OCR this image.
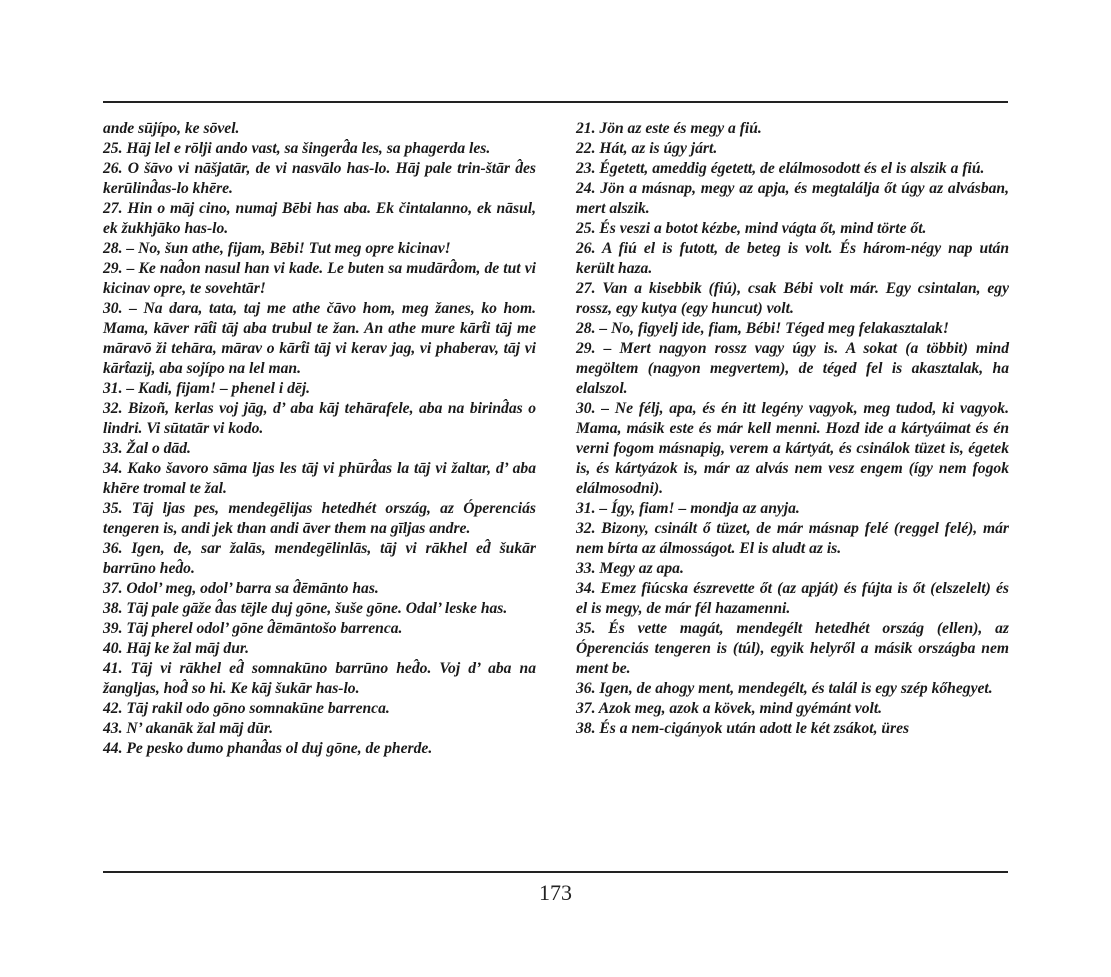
ande sūjípo, ke sōvel.

25. Hāj lel e rōlji ando vast, sa šingerd̂a les, sa phagerda les.

26. O šāvo vi nāšjatār, de vi nasvālo has-lo. Hāj pale trin-štār d̂es kerūlind̂as-lo khēre.

27. Hin o māj cino, numaj Bēbi has aba. Ek čintalanno, ek nāsul, ek žukhjāko has-lo.

28. – No, šun athe, fijam, Bēbi! Tut meg opre kicinav!

29. – Ke nad̂on nasul han vi kade. Le buten sa mudārd̂om, de tut vi kicinav opre, te sovehtār!

30. – Na dara, tata, taj me athe čāvo hom, meg žanes, ko hom. Mama, kāver rāt̂i tāj aba trubul te žan. An athe mure kārt̂i tāj me māravō ži tehāra, mārav o kārt̂i tāj vi kerav jag, vi phaberav, tāj vi kārt̂azij, aba sojípo na lel man.

31. – Kadi, fijam! – phenel i dēj.

32. Bizoñ, kerlas voj jāg, d’ aba kāj tehārafele, aba na birind̂as o lindri. Vi sūtatār vi kodo.

33. Žal o dād.

34. Kako šavoro sāma ljas les tāj vi phūrd̂as la tāj vi žaltar, d’ aba khēre tromal te žal.

35. Tāj ljas pes, mendegēlijas hetedhét ország, az Óperenciás tengeren is, andi jek than andi āver them na gīljas andre.

36. Igen, de, sar žalās, mendegēlinlās, tāj vi rākhel ed̂ šukār barrūno hed̂o.

37. Odol’ meg, odol’ barra sa d̂ēmānto has.

38. Tāj pale gāže d̂as tējle duj gōne, šuše gōne. Odal’ leske has.

39. Tāj pherel odol’ gōne d̂ēmāntošo barrenca.

40. Hāj ke žal māj dur.

41. Tāj vi rākhel ed̂ somnakūno barrūno hed̂o. Voj d’ aba na žangljas, hod̂ so hi. Ke kāj šukār has-lo.

42. Tāj rakil odo gōno somnakūne barrenca.

43. N’ akanāk žal māj dūr.

44. Pe pesko dumo phand̂as ol duj gōne, de pherde.

21. Jön az este és megy a fiú.

22. Hát, az is úgy járt.

23. Égetett, ameddig égetett, de elálmosodott és el is alszik a fiú.

24. Jön a másnap, megy az apja, és megtalálja őt úgy az alvásban, mert alszik.

25. És veszi a botot kézbe, mind vágta őt, mind törte őt.

26. A fiú el is futott, de beteg is volt. És három-négy nap után került haza.

27. Van a kisebbik (fiú), csak Bébi volt már. Egy csintalan, egy rossz, egy kutya (egy huncut) volt.

28. – No, figyelj ide, fiam, Bébi! Téged meg felakasztalak!

29. – Mert nagyon rossz vagy úgy is. A sokat (a többit) mind megöltem (nagyon megvertem), de téged fel is akasztalak, ha elalszol.

30. – Ne félj, apa, és én itt legény vagyok, meg tudod, ki vagyok. Mama, másik este és már kell menni. Hozd ide a kártyáimat és én verni fogom másnapig, verem a kártyát, és csinálok tüzet is, égetek is, és kártyázok is, már az alvás nem vesz engem (így nem fogok elálmosodni).

31. – Így, fiam! – mondja az anyja.

32. Bizony, csinált ő tüzet, de már másnap felé (reggel felé), már nem bírta az álmosságot. El is aludt az is.

33. Megy az apa.

34. Emez fiúcska észrevette őt (az apját) és fújta is őt (elszelelt) és el is megy, de már fél hazamenni.

35. És vette magát, mendegélt hetedhét ország (ellen), az Óperenciás tengeren is (túl), egyik helyről a másik országba nem ment be.

36. Igen, de ahogy ment, mendegélt, és talál is egy szép kőhegyet.

37. Azok meg, azok a kövek, mind gyémánt volt.

38. És a nem-cigányok után adott le két zsákot, üres

173
